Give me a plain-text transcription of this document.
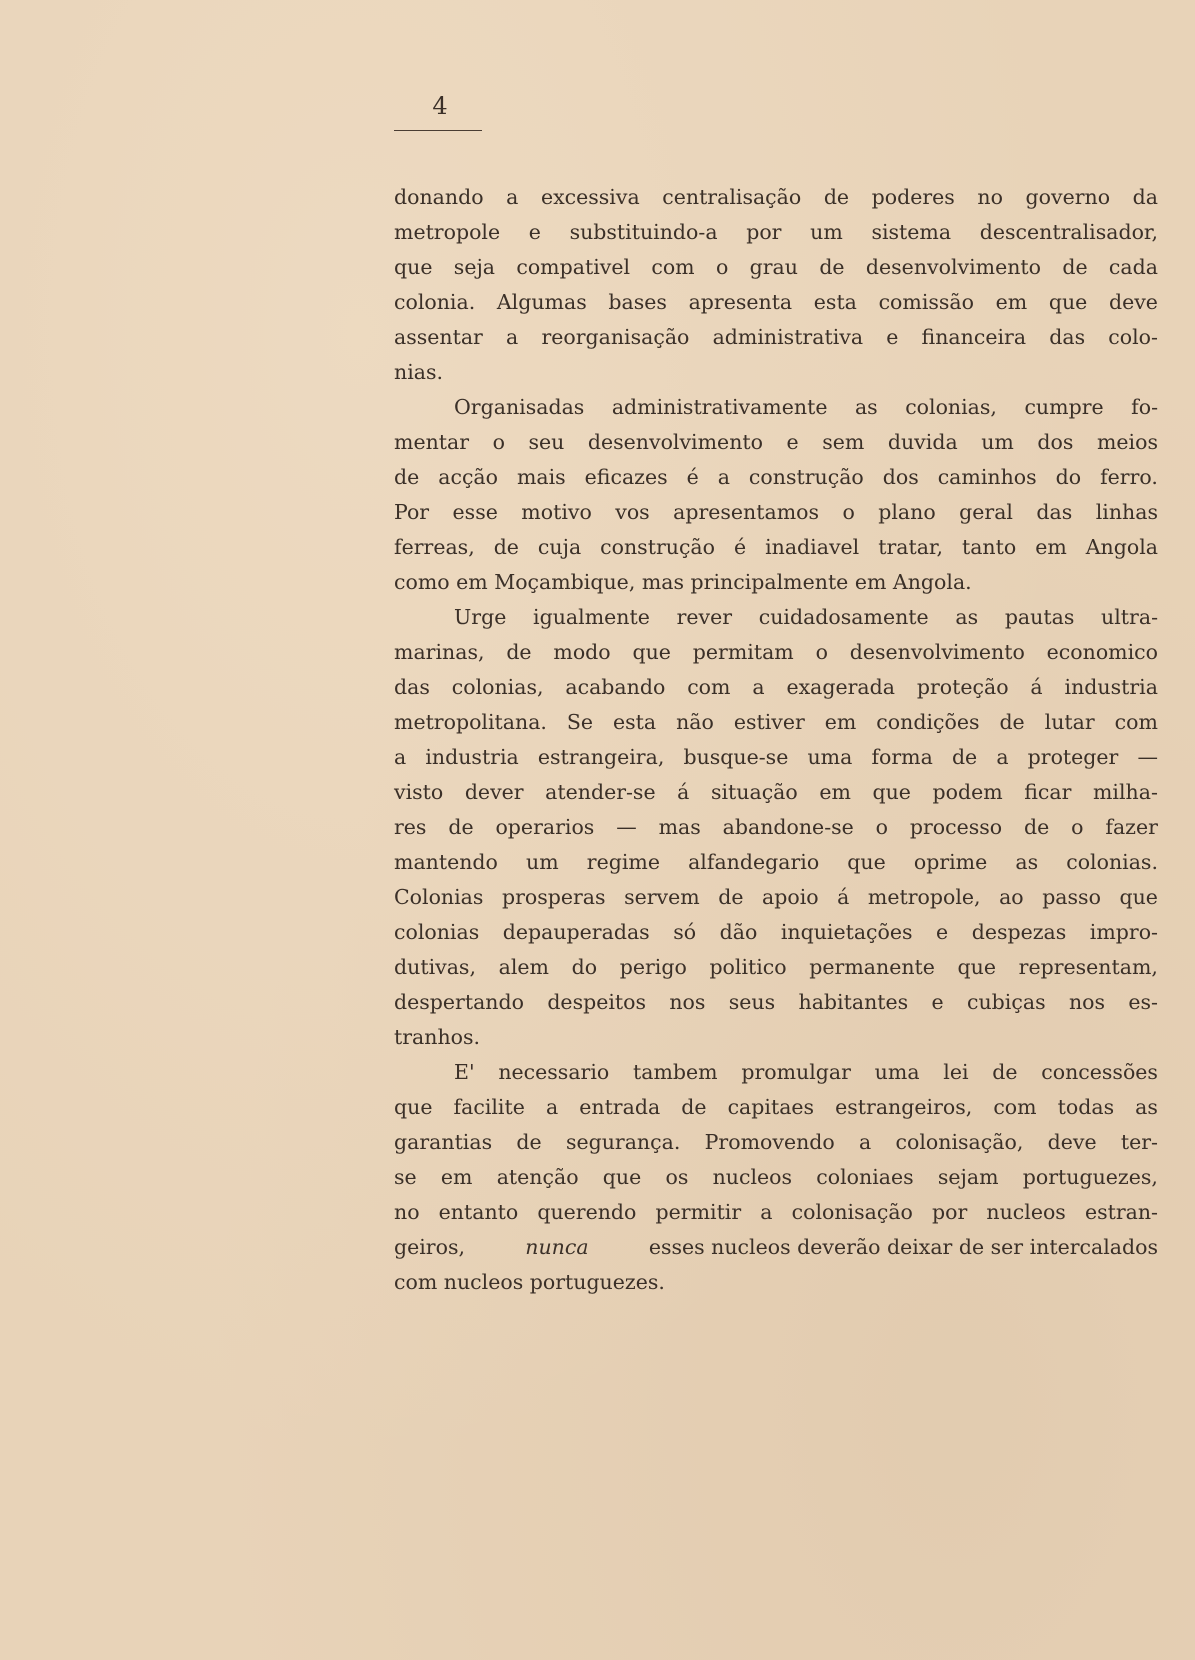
4
donando a excessiva centralisação de poderes no governo da
metropole e substituindo-a por um sistema descentralisador,
que seja compativel com o grau de desenvolvimento de cada
colonia. Algumas bases apresenta esta comissão em que deve
assentar a reorganisação administrativa e financeira das colo-
nias.
Organisadas administrativamente as colonias, cumpre fo-
mentar o seu desenvolvimento e sem duvida um dos meios
de acção mais eficazes é a construção dos caminhos do ferro.
Por esse motivo vos apresentamos o plano geral das linhas
ferreas, de cuja construção é inadiavel tratar, tanto em Angola
como em Moçambique, mas principalmente em Angola.
Urge igualmente rever cuidadosamente as pautas ultra-
marinas, de modo que permitam o desenvolvimento economico
das colonias, acabando com a exagerada proteção á industria
metropolitana. Se esta não estiver em condições de lutar com
a industria estrangeira, busque-se uma forma de a proteger —
visto dever atender-se á situação em que podem ficar milha-
res de operarios — mas abandone-se o processo de o fazer
mantendo um regime alfandegario que oprime as colonias.
Colonias prosperas servem de apoio á metropole, ao passo que
colonias depauperadas só dão inquietações e despezas impro-
dutivas, alem do perigo politico permanente que representam,
despertando despeitos nos seus habitantes e cubiças nos es-
tranhos.
E' necessario tambem promulgar uma lei de concessões
que facilite a entrada de capitaes estrangeiros, com todas as
garantias de segurança. Promovendo a colonisação, deve ter-
se em atenção que os nucleos coloniaes sejam portuguezes,
no entanto querendo permitir a colonisação por nucleos estran-
geiros,	nunca	esses nucleos deverão deixar de ser intercalados
com nucleos portuguezes.
